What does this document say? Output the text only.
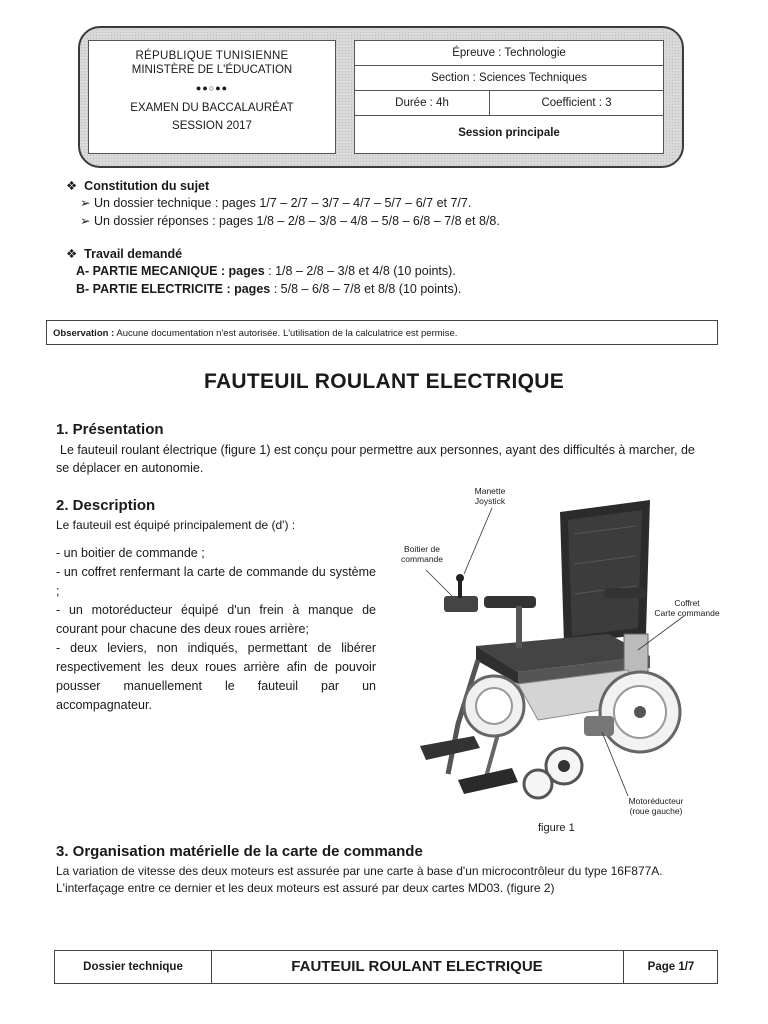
RÉPUBLIQUE TUNISIENNE
MINISTÈRE DE L'ÉDUCATION
●●○●●
EXAMEN DU BACCALAURÉAT
SESSION 2017
Épreuve : Technologie
Section : Sciences Techniques
Durée : 4h	Coefficient : 3
Session principale
❖ Constitution du sujet
➢ Un dossier technique : pages 1/7 – 2/7 – 3/7 – 4/7 – 5/7 – 6/7 et 7/7.
➢ Un dossier réponses : pages 1/8 – 2/8 – 3/8 – 4/8 – 5/8 – 6/8 – 7/8 et 8/8.
❖ Travail demandé
A- PARTIE MECANIQUE : pages : 1/8 – 2/8 – 3/8 et 4/8 (10 points).
B- PARTIE ELECTRICITE : pages : 5/8 – 6/8 – 7/8 et 8/8 (10 points).
Observation : Aucune documentation n'est autorisée. L'utilisation de la calculatrice est permise.
FAUTEUIL ROULANT ELECTRIQUE
1. Présentation
Le fauteuil roulant électrique (figure 1) est conçu pour permettre aux personnes, ayant des difficultés à marcher, de se déplacer en autonomie.
2. Description
Le fauteuil est équipé principalement de (d') :
- un boitier de commande ;
- un coffret renfermant la carte de commande du système ;
- un motoréducteur équipé d'un frein à manque de courant pour chacune des deux roues arrière;
- deux leviers, non indiqués, permettant de libérer respectivement les deux roues arrière afin de pouvoir pousser manuellement le fauteuil par un accompagnateur.
Manette
Joystick
Boitier de
commande
Coffret
Carte commande
Motoréducteur
(roue gauche)
figure 1
3. Organisation matérielle de la carte de commande
La variation de vitesse des deux moteurs est assurée par une carte à base d'un microcontrôleur du type 16F877A. L'interfaçage entre ce dernier et les deux moteurs est assuré par deux cartes MD03. (figure 2)
Dossier technique	FAUTEUIL ROULANT ELECTRIQUE	Page 1/7
